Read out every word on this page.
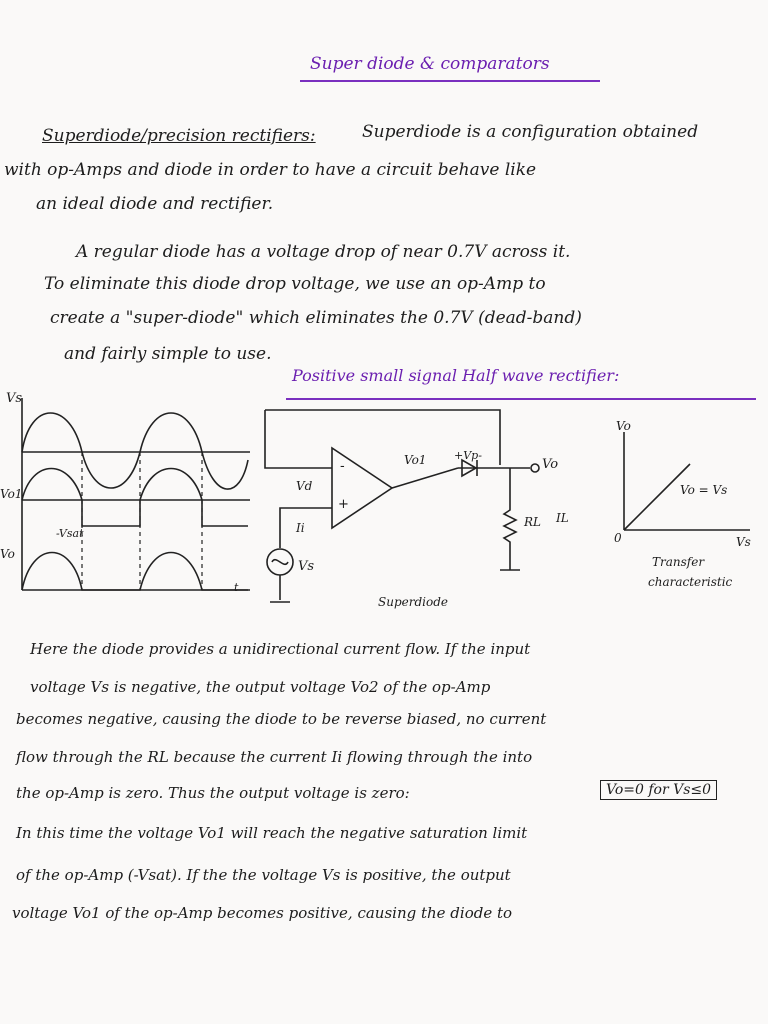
Super diode & comparators
Superdiode/precision rectifiers:	Superdiode is a configuration obtained
with op-Amps and diode in order to have a circuit behave like
an ideal diode and rectifier.
A regular diode has a voltage drop of near 0.7V across it.
To eliminate this diode drop voltage, we use an op-Amp to
create a "super-diode" which eliminates the 0.7V (dead-band)
and fairly simple to use.
Positive small signal Half wave rectifier:
Vs
Vo1
-Vsat
Vo
t
Vo1	+Vp-
Vo
Vd
-
+
Ii
Vs
RL IL
Superdiode
Vo
Vs
Vo = Vs
0
Transfer
characteristic
Here the diode provides a unidirectional current flow. If the input
voltage Vs is negative, the output voltage Vo2 of the op-Amp
becomes negative, causing the diode to be reverse biased, no current
flow through the RL because the current Ii flowing through the into
the op-Amp is zero. Thus the output voltage is zero:	Vo=0 for Vs≤0
In this time the voltage Vo1 will reach the negative saturation limit
of the op-Amp (-Vsat). If the the voltage Vs is positive, the output
voltage Vo1 of the op-Amp becomes positive, causing the diode to
